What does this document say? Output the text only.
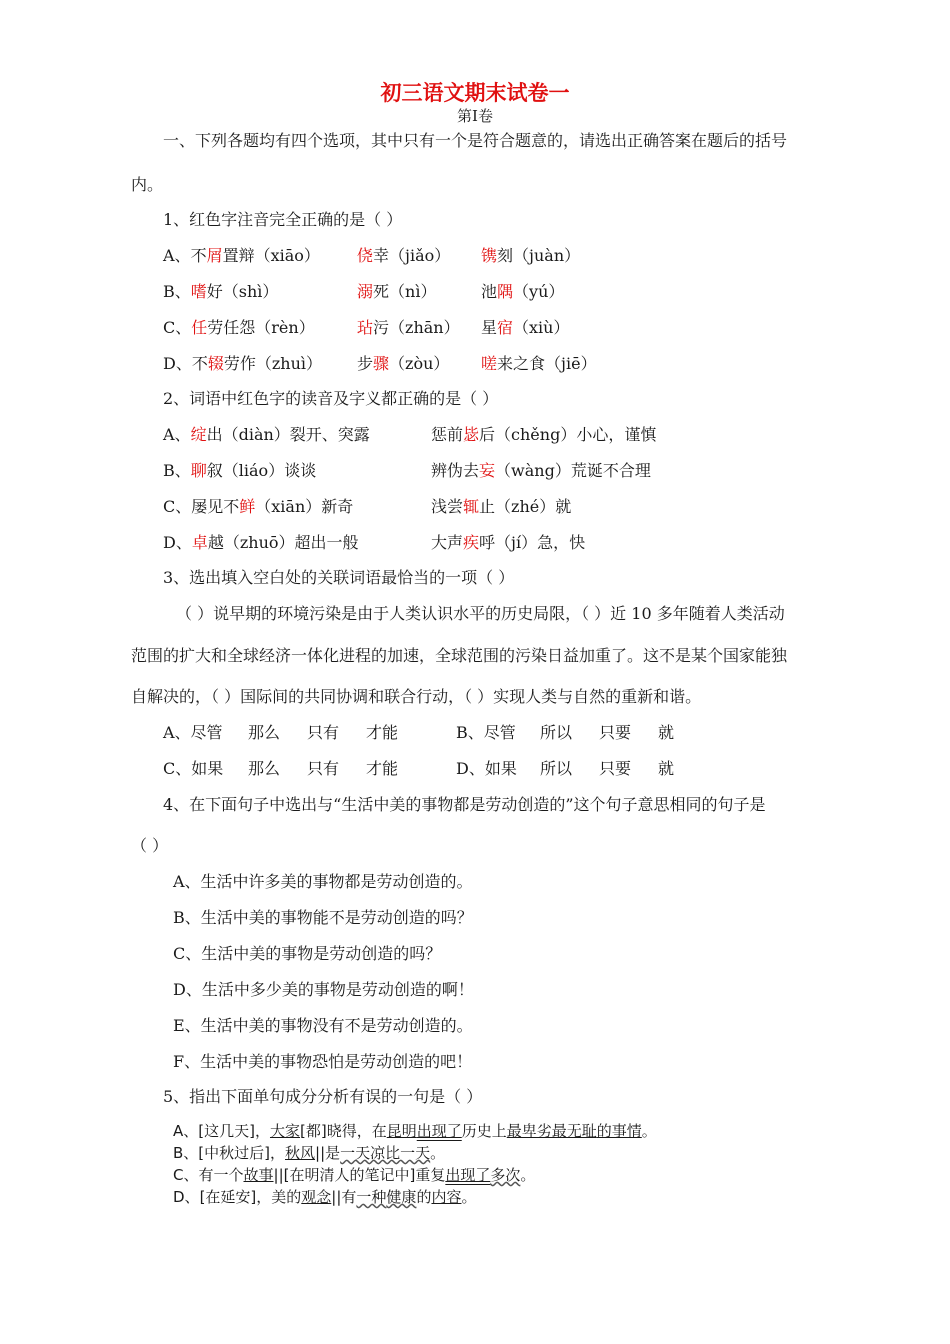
初三语文期末试卷一
第Ⅰ卷
一、下列各题均有四个选项，其中只有一个是符合题意的，请选出正确答案在题后的括号
内。
1、红色字注音完全正确的是（ ）
A、不屑置辩（xiāo） 侥幸（jiǎo） 镌刻（juàn）
B、嗜好（shì）	溺死（nì）	池隅（yú）
C、任劳任怨（rèn）	玷污（zhān） 星宿（xiù）
D、不辍劳作（zhuì） 步骤（zòu） 嗟来之食（jiē）
2、词语中红色字的读音及字义都正确的是（ ）
A、绽出（diàn）裂开、突露	惩前毖后（chěng）小心，谨慎
B、聊叙（liáo）谈谈	辨伪去妄（wàng）荒诞不合理
C、屡见不鲜（xiān）新奇	浅尝辄止（zhé）就
D、卓越（zhuō）超出一般	大声疾呼（jí）急，快
3、选出填入空白处的关联词语最恰当的一项（ ）
（ ）说早期的环境污染是由于人类认识水平的历史局限，（ ）近 10 多年随着人类活动
范围的扩大和全球经济一体化进程的加速，全球范围的污染日益加重了。这不是某个国家能独
自解决的，（ ）国际间的共同协调和联合行动，（ ）实现人类与自然的重新和谐。
A、尽管 那么 只有 才能	B、尽管 所以 只要 就
C、如果 那么 只有 才能	D、如果 所以 只要 就
4、在下面句子中选出与“生活中美的事物都是劳动创造的”这个句子意思相同的句子是
（ ）
A、生活中许多美的事物都是劳动创造的。
B、生活中美的事物能不是劳动创造的吗？
C、生活中美的事物是劳动创造的吗？
D、生活中多少美的事物是劳动创造的啊！
E、生活中美的事物没有不是劳动创造的。
F、生活中美的事物恐怕是劳动创造的吧！
5、指出下面单句成分分析有误的一句是（ ）
A、[这几天]，大家[都]晓得，在昆明出现了历史上最卑劣最无耻的事情。
B、[中秋过后]，秋风||是一天凉比一天。
C、有一个故事||[在明清人的笔记中]重复出现了多次。
D、[在延安]，美的观念||有一种健康的内容。
